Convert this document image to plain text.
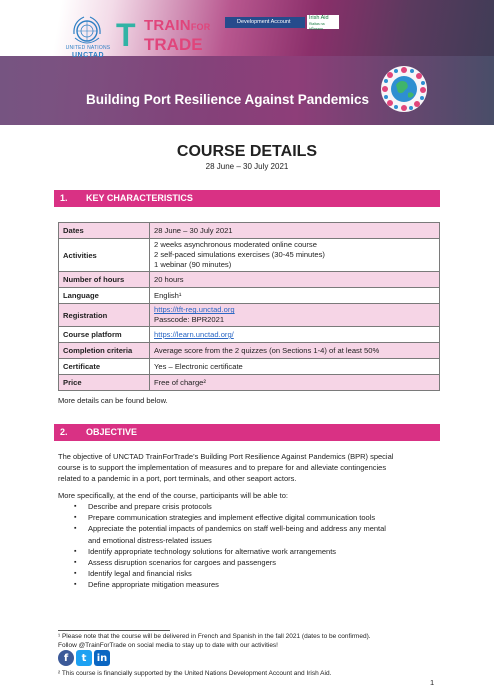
UNITED NATIONS
UNCTAD
T TRAINFOR
TRADE
Development Account
Irish Aid
Rialtas na hÉireann
Building Port Resilience Against Pandemics
COURSE DETAILS
28 June – 30 July 2021
1. KEY CHARACTERISTICS
Dates	28 June – 30 July 2021
Activities	2 weeks asynchronous moderated online course
2 self-paced simulations exercises (30-45 minutes)
1 webinar (90 minutes)

Number of hours	20 hours
Language	English¹
Registration	https://tft-reg.unctad.org
Passcode: BPR2021

Course platform	https://learn.unctad.org/
Completion criteria	Average score from the 2 quizzes (on Sections 1-4) of at least 50%
Certificate	Yes – Electronic certificate
Price	Free of charge²
More details can be found below.
2. OBJECTIVE
The objective of UNCTAD TrainForTrade’s Building Port Resilience Against Pandemics (BPR) special
course is to support the implementation of measures and to prepare for and alleviate contingencies
related to a pandemic in a port, port terminals, and other seaport actors.
More specifically, at the end of the course, participants will be able to:
▪ Describe and prepare crisis protocols
▪ Prepare communication strategies and implement effective digital communication tools
▪ Appreciate the potential impacts of pandemics on staff well-being and address any mental
and emotional distress-related issues
▪ Identify appropriate technology solutions for alternative work arrangements
▪ Assess disruption scenarios for cargoes and passengers
▪ Identify legal and financial risks
▪ Define appropriate mitigation measures
¹ Please note that the course will be delivered in French and Spanish in the fall 2021 (dates to be confirmed).
Follow @TrainForTrade on social media to stay up to date with our activities!
f	t	in
² This course is financially supported by the United Nations Development Account and Irish Aid.
1
